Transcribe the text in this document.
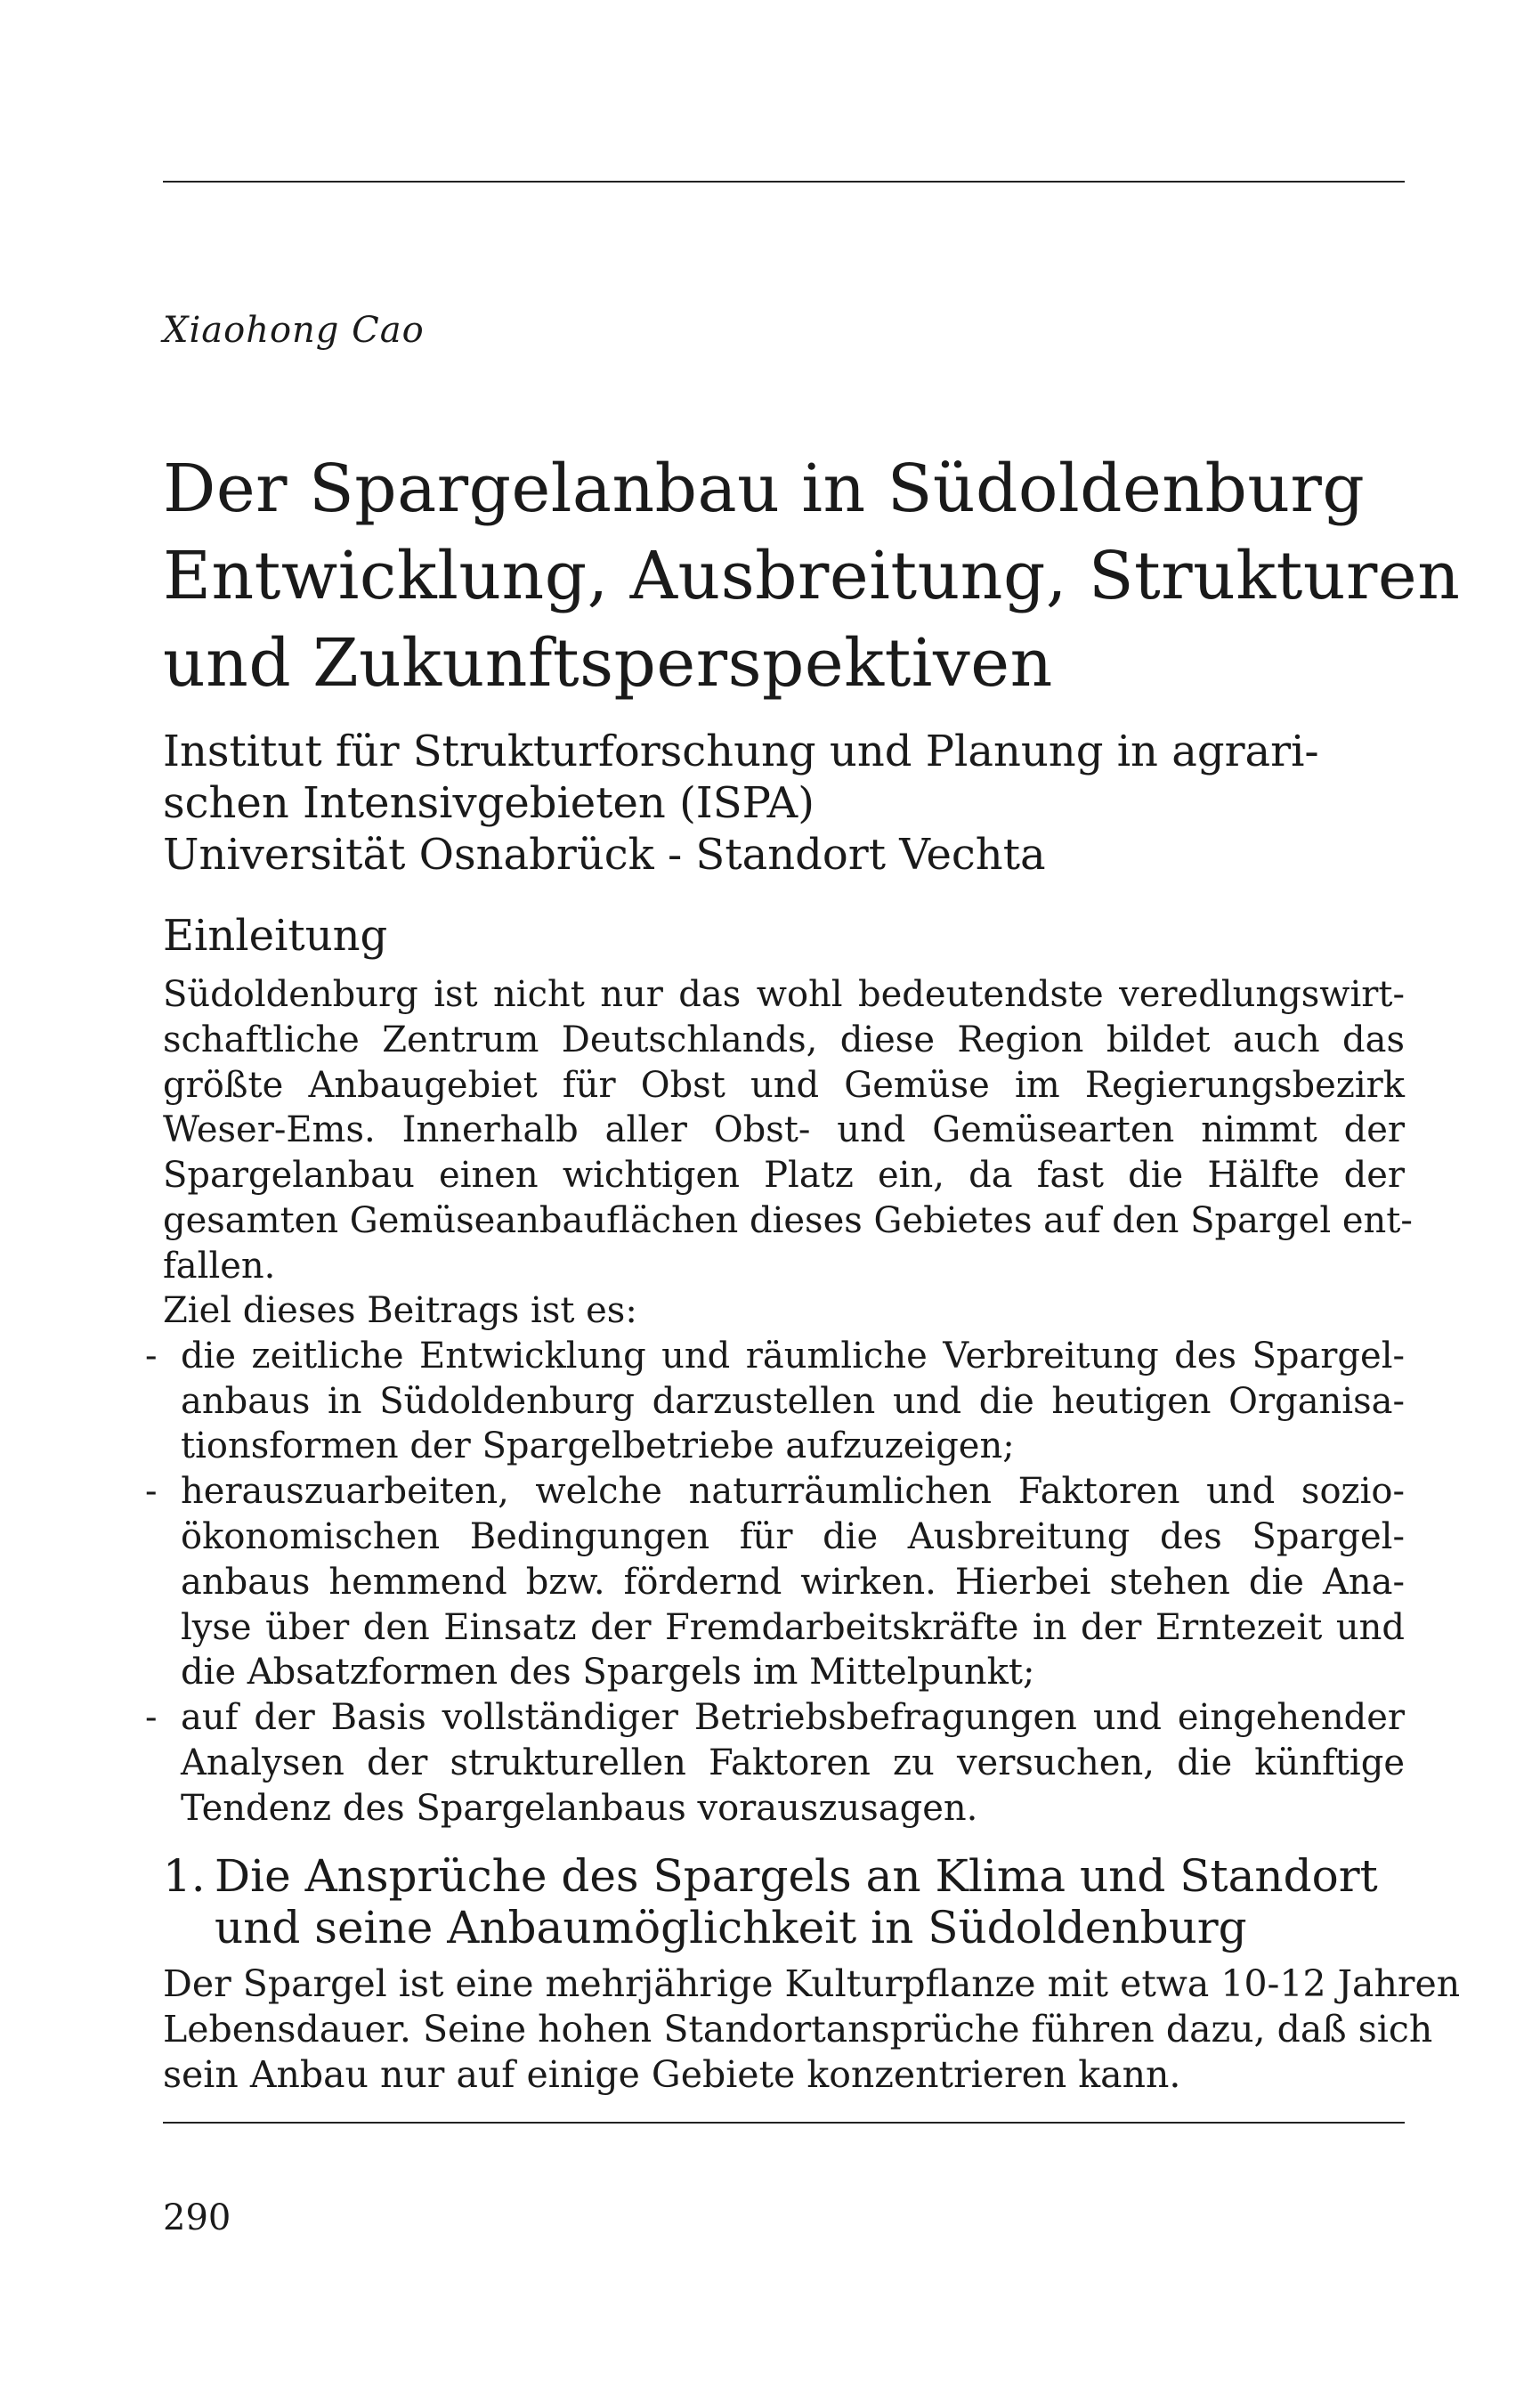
Xiaohong Cao
Der Spargelanbau in Südoldenburg
Entwicklung, Ausbreitung, Strukturen
und Zukunftsperspektiven
Institut für Strukturforschung und Planung in agrari-
schen Intensivgebieten (ISPA)
Universität Osnabrück - Standort Vechta
Einleitung
Südoldenburg ist nicht nur das wohl bedeutendste veredlungswirt-
schaftliche Zentrum Deutschlands, diese Region bildet auch das
größte Anbaugebiet für Obst und Gemüse im Regierungsbezirk
Weser-Ems. Innerhalb aller Obst- und Gemüsearten nimmt der
Spargelanbau einen wichtigen Platz ein, da fast die Hälfte der
gesamten Gemüseanbauflächen dieses Gebietes auf den Spargel ent-
fallen.
Ziel dieses Beitrags ist es:
- die zeitliche Entwicklung und räumliche Verbreitung des Spargel-
anbaus in Südoldenburg darzustellen und die heutigen Organisa-
tionsformen der Spargelbetriebe aufzuzeigen;
- herauszuarbeiten, welche naturräumlichen Faktoren und sozio-
ökonomischen Bedingungen für die Ausbreitung des Spargel-
anbaus hemmend bzw. fördernd wirken. Hierbei stehen die Ana-
lyse über den Einsatz der Fremdarbeitskräfte in der Erntezeit und
die Absatzformen des Spargels im Mittelpunkt;
- auf der Basis vollständiger Betriebsbefragungen und eingehender
Analysen der strukturellen Faktoren zu versuchen, die künftige
Tendenz des Spargelanbaus vorauszusagen.
1. Die Ansprüche des Spargels an Klima und Standort
und seine Anbaumöglichkeit in Südoldenburg
Der Spargel ist eine mehrjährige Kulturpflanze mit etwa 10-12 Jahren
Lebensdauer. Seine hohen Standortansprüche führen dazu, daß sich
sein Anbau nur auf einige Gebiete konzentrieren kann.
290
